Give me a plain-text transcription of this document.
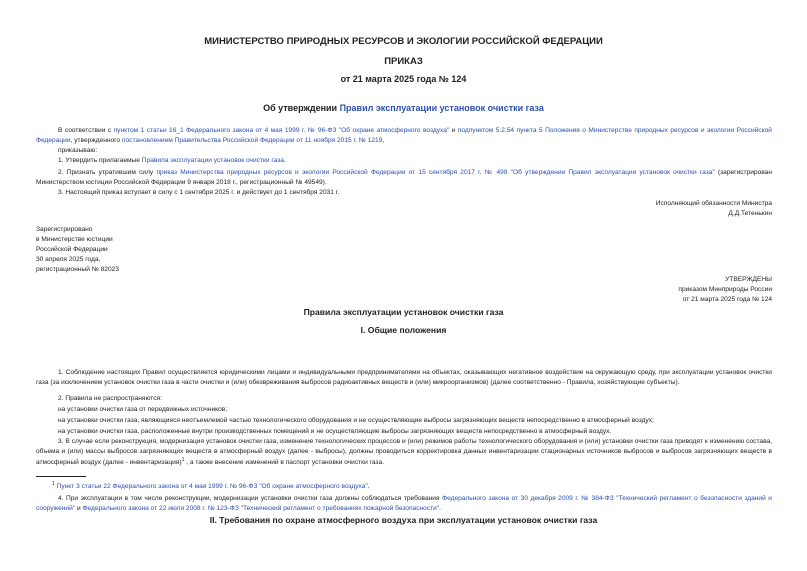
МИНИСТЕРСТВО ПРИРОДНЫХ РЕСУРСОВ И ЭКОЛОГИИ РОССИЙСКОЙ ФЕДЕРАЦИИ
ПРИКАЗ
от 21 марта 2025 года № 124
Об утверждении Правил эксплуатации установок очистки газа
В соответствии с пунктом 1 статьи 16_1 Федерального закона от 4 мая 1999 г. № 96-ФЗ "Об охране атмосферного воздуха" и подпунктом 5.2.54 пункта 5 Положения о Министерстве природных ресурсов и экологии Российской Федерации, утвержденного постановлением Правительства Российской Федерации от 11 ноября 2015 г. № 1219,
приказываю:
1. Утвердить прилагаемые Правила эксплуатации установок очистки газа.
2. Признать утратившим силу приказ Министерства природных ресурсов и экологии Российской Федерации от 15 сентября 2017 г. № 498 "Об утверждении Правил эксплуатации установок очистки газа" (зарегистрирован Министерством юстиции Российской Федерации 9 января 2018 г., регистрационный № 49549).
3. Настоящий приказ вступает в силу с 1 сентября 2025 г. и действует до 1 сентября 2031 г.
Исполняющий обязанности Министра
Д.Д.Тетенькин
Зарегистрировано
в Министерстве юстиции
Российской Федерации
30 апреля 2025 года,
регистрационный № 82023
УТВЕРЖДЕНЫ
приказом Минприроды России
от 21 марта 2025 года № 124
Правила эксплуатации установок очистки газа
I. Общие положения
1. Соблюдение настоящих Правил осуществляется юридическими лицами и индивидуальными предпринимателями на объектах, оказывающих негативное воздействие на окружающую среду, при эксплуатации установок очистки газа (за исключением установок очистки газа в части очистки и (или) обезвреживания выбросов радиоактивных веществ и (или) микроорганизмов) (далее соответственно - Правила, хозяйствующие субъекты).
2. Правила не распространяются:
на установки очистки газа от передвижных источников;
на установки очистки газа, являющиеся неотъемлемой частью технологического оборудования и не осуществляющие выбросы загрязняющих веществ непосредственно в атмосферный воздух;
на установки очистки газа, расположенные внутри производственных помещений и не осуществляющие выбросы загрязняющих веществ непосредственно в атмосферный воздух.
3. В случае если реконструкция, модернизация установок очистки газа, изменение технологических процессов и (или) режимов работы технологического оборудования и (или) установки очистки газа приводят к изменению состава, объема и (или) массы выбросов загрязняющих веществ в атмосферный воздух (далее - выбросы), должны проводиться корректировка данных инвентаризации стационарных источников выбросов и выбросов загрязняющих веществ в атмосферный воздух (далее - инвентаризация)$^1$ , а также внесение изменений в паспорт установки очистки газа.
$^1$ Пункт 3 статьи 22 Федерального закона от 4 мая 1999 г. № 96-ФЗ "Об охране атмосферного воздуха".
4. При эксплуатации в том числе реконструкции, модернизации установки очистки газа должны соблюдаться требования Федерального закона от 30 декабря 2009 г. № 384-ФЗ "Технический регламент о безопасности зданий и сооружений" и Федерального закона от 22 июля 2008 г. № 123-ФЗ "Технический регламент о требованиях пожарной безопасности".
II. Требования по охране атмосферного воздуха при эксплуатации установок очистки газа
